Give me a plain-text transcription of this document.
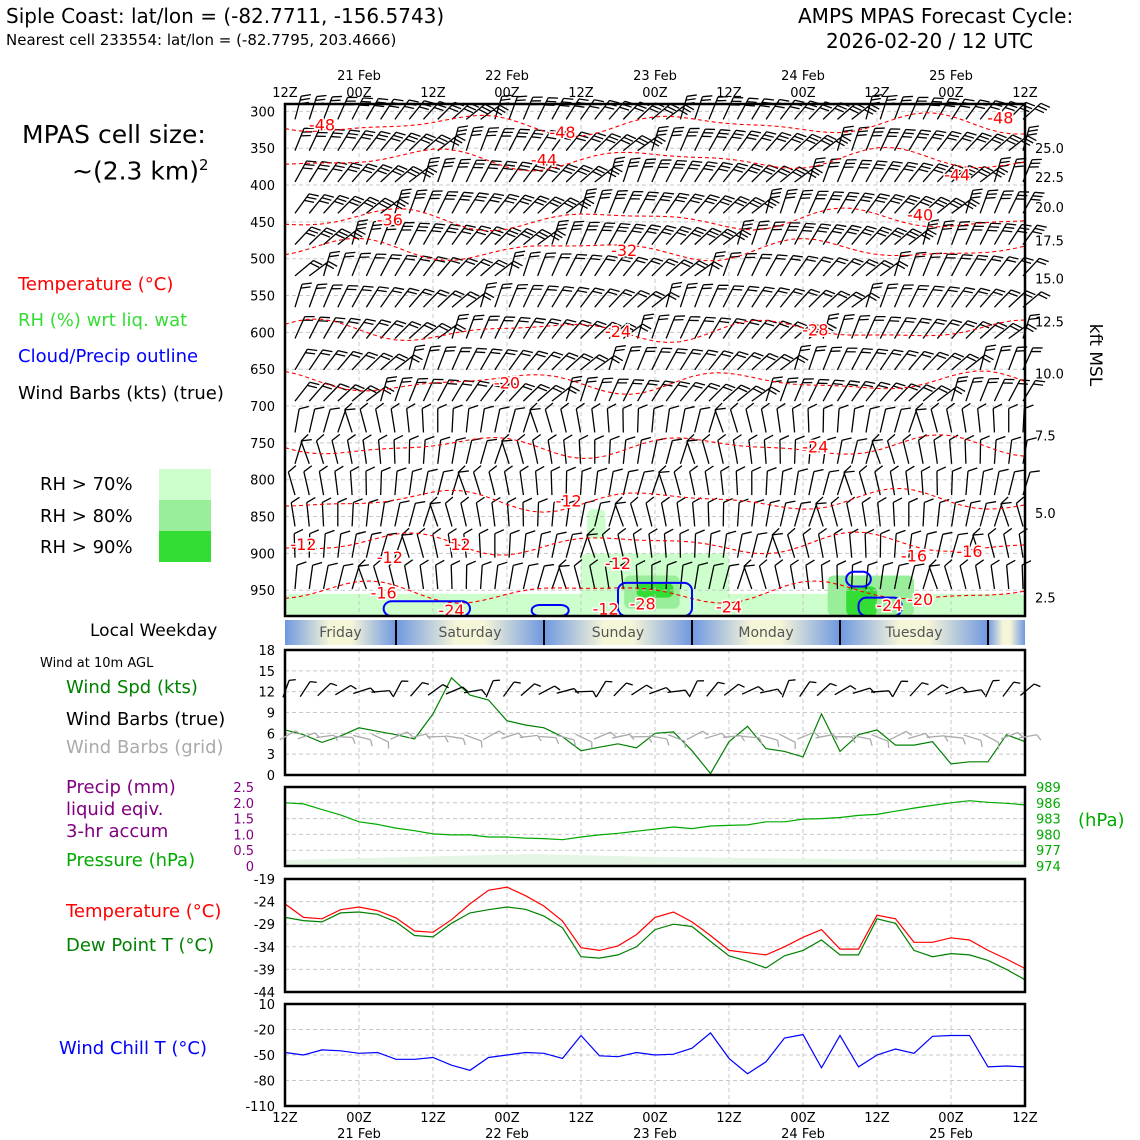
-48	-48
-48
-44
-44
-36	-40
-32
-28
-24
-20
-24
-12
-12
-12
-12
-12	-16 -16
-16
-24	-12 -28	-24	-24 -20
300
350
400
450
500
550
600
650
700
750
800
850
900
950
25.0
22.5
20.0
17.5
15.0
12.5
10.0
7.5
5.0
2.5
kft MSL
12Z	00Z	12Z	00Z	12Z	00Z	12Z	00Z	12Z	00Z	12Z
21 Feb	22 Feb	23 Feb	24 Feb	25 Feb
Friday	Saturday	Sunday	Monday	Tuesday
18
15
12
9
6
3
0
2.5
2.0
1.5
1.0
0.5
0
989
986
983
980
977
974
-19
-24
-29
-34
-39
-44
10
-20
-50
-80
-110
12Z	00Z	12Z	00Z	12Z	00Z	12Z	00Z	12Z	00Z	12Z
21 Feb	22 Feb	23 Feb	24 Feb	25 Feb
Siple Coast: lat/lon = (-82.7711, -156.5743)
Nearest cell 233554: lat/lon = (-82.7795, 203.4666)
AMPS MPAS Forecast Cycle:
2026-02-20 / 12 UTC
MPAS cell size:
~(2.3 km)$^2$
Temperature (°C)
RH (%) wrt liq. wat
Cloud/Precip outline
Wind Barbs (kts) (true)
RH > 70%
RH > 80%
RH > 90%
Local Weekday
Wind at 10m AGL
Wind Spd (kts)
Wind Barbs (true)
Wind Barbs (grid)
Precip (mm)
liquid eqiv.
3-hr accum
Pressure (hPa)
(hPa)
Temperature (°C)
Dew Point T (°C)
Wind Chill T (°C)
